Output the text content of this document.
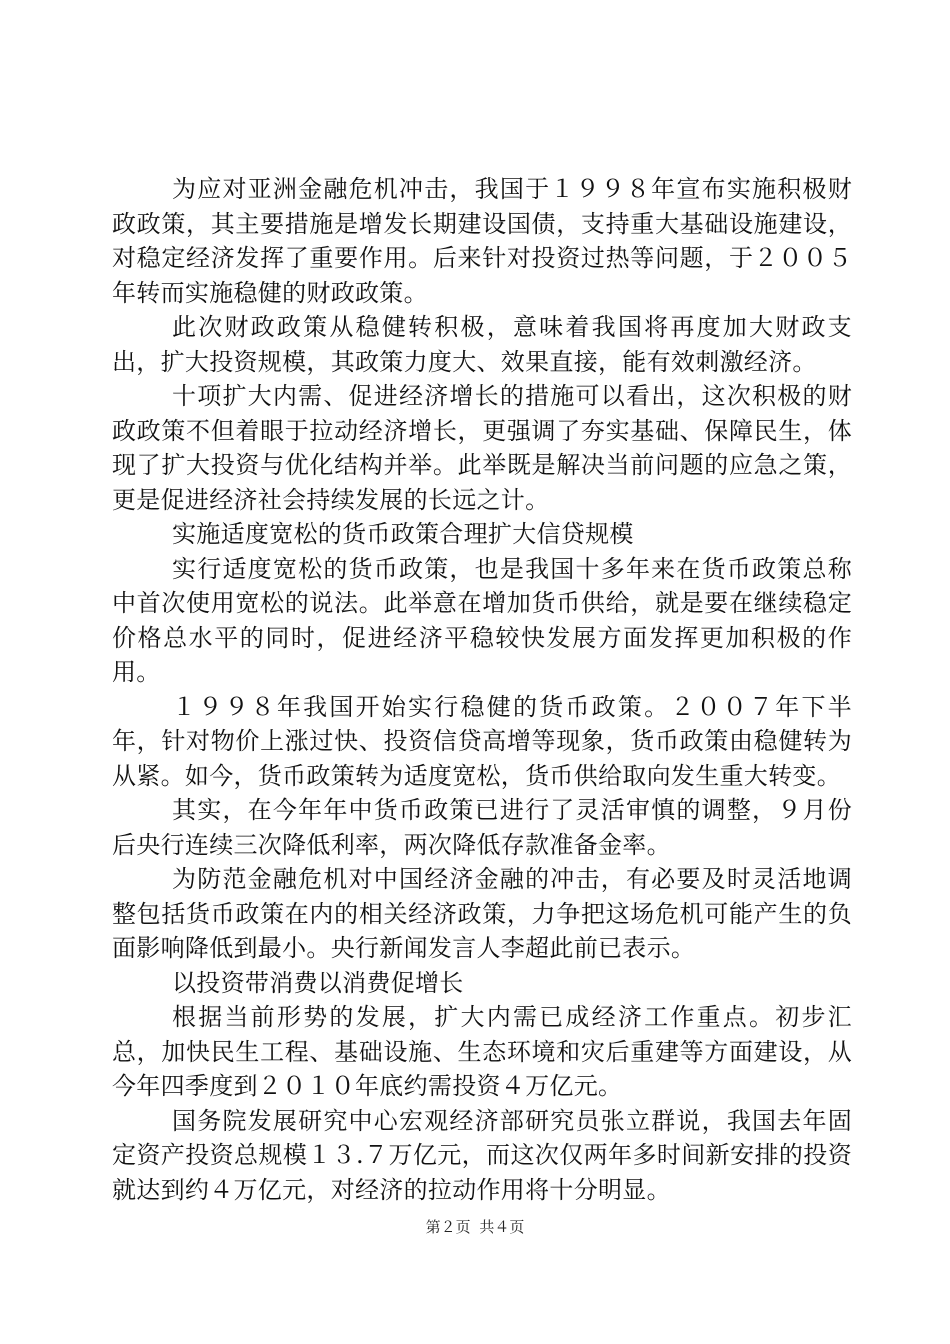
为应对亚洲金融危机冲击，我国于１９９８年宣布实施积极财政政策，其主要措施是增发长期建设国债，支持重大基础设施建设，对稳定经济发挥了重要作用。后来针对投资过热等问题，于２００５年转而实施稳健的财政政策。

此次财政政策从稳健转积极，意味着我国将再度加大财政支出，扩大投资规模，其政策力度大、效果直接，能有效刺激经济。

十项扩大内需、促进经济增长的措施可以看出，这次积极的财政政策不但着眼于拉动经济增长，更强调了夯实基础、保障民生，体现了扩大投资与优化结构并举。此举既是解决当前问题的应急之策，更是促进经济社会持续发展的长远之计。

实施适度宽松的货币政策合理扩大信贷规模

实行适度宽松的货币政策，也是我国十多年来在货币政策总称中首次使用宽松的说法。此举意在增加货币供给，就是要在继续稳定价格总水平的同时，促进经济平稳较快发展方面发挥更加积极的作用。

１９９８年我国开始实行稳健的货币政策。２００７年下半年，针对物价上涨过快、投资信贷高增等现象，货币政策由稳健转为从紧。如今，货币政策转为适度宽松，货币供给取向发生重大转变。

其实，在今年年中货币政策已进行了灵活审慎的调整，９月份后央行连续三次降低利率，两次降低存款准备金率。

为防范金融危机对中国经济金融的冲击，有必要及时灵活地调整包括货币政策在内的相关经济政策，力争把这场危机可能产生的负面影响降低到最小。央行新闻发言人李超此前已表示。

以投资带消费以消费促增长

根据当前形势的发展，扩大内需已成经济工作重点。初步汇总，加快民生工程、基础设施、生态环境和灾后重建等方面建设，从今年四季度到２０１０年底约需投资４万亿元。

国务院发展研究中心宏观经济部研究员张立群说，我国去年固定资产投资总规模１３.７万亿元，而这次仅两年多时间新安排的投资就达到约４万亿元，对经济的拉动作用将十分明显。

第２页 共４页
